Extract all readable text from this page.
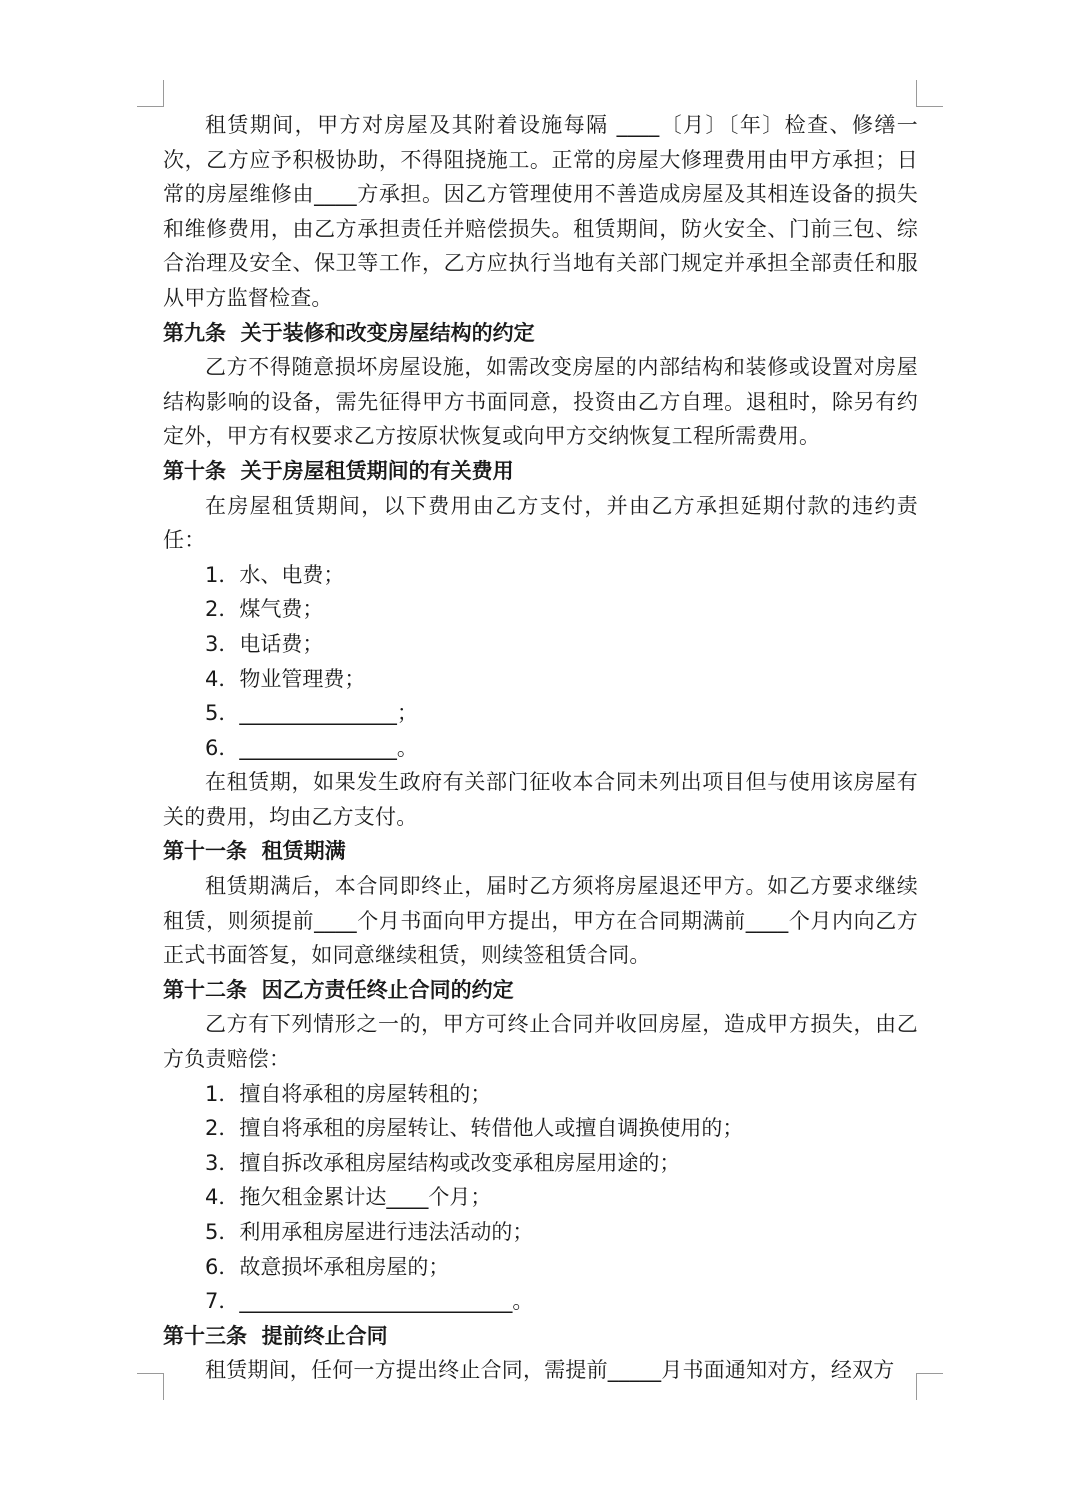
租赁期间，甲方对房屋及其附着设施每隔 ____〔月〕〔年〕检查、修缮一次，乙方应予积极协助，不得阻挠施工。正常的房屋大修理费用由甲方承担；日常的房屋维修由____方承担。因乙方管理使用不善造成房屋及其相连设备的损失和维修费用，由乙方承担责任并赔偿损失。租赁期间，防火安全、门前三包、综合治理及安全、保卫等工作，乙方应执行当地有关部门规定并承担全部责任和服从甲方监督检查。

第九条  关于装修和改变房屋结构的约定

乙方不得随意损坏房屋设施，如需改变房屋的内部结构和装修或设置对房屋结构影响的设备，需先征得甲方书面同意，投资由乙方自理。退租时，除另有约定外，甲方有权要求乙方按原状恢复或向甲方交纳恢复工程所需费用。

第十条  关于房屋租赁期间的有关费用

在房屋租赁期间，以下费用由乙方支付，并由乙方承担延期付款的违约责任：

1．水、电费；

2．煤气费；

3．电话费；

4．物业管理费；

5．_______________；

6．_______________。

在租赁期，如果发生政府有关部门征收本合同未列出项目但与使用该房屋有关的费用，均由乙方支付。

第十一条  租赁期满

租赁期满后，本合同即终止，届时乙方须将房屋退还甲方。如乙方要求继续租赁，则须提前____个月书面向甲方提出，甲方在合同期满前____个月内向乙方正式书面答复，如同意继续租赁，则续签租赁合同。

第十二条  因乙方责任终止合同的约定

乙方有下列情形之一的，甲方可终止合同并收回房屋，造成甲方损失，由乙方负责赔偿：

1．擅自将承租的房屋转租的；

2．擅自将承租的房屋转让、转借他人或擅自调换使用的；

3．擅自拆改承租房屋结构或改变承租房屋用途的；

4．拖欠租金累计达____个月；

5．利用承租房屋进行违法活动的；

6．故意损坏承租房屋的；

7．__________________________。

第十三条  提前终止合同

租赁期间，任何一方提出终止合同，需提前_____月书面通知对方，经双方
